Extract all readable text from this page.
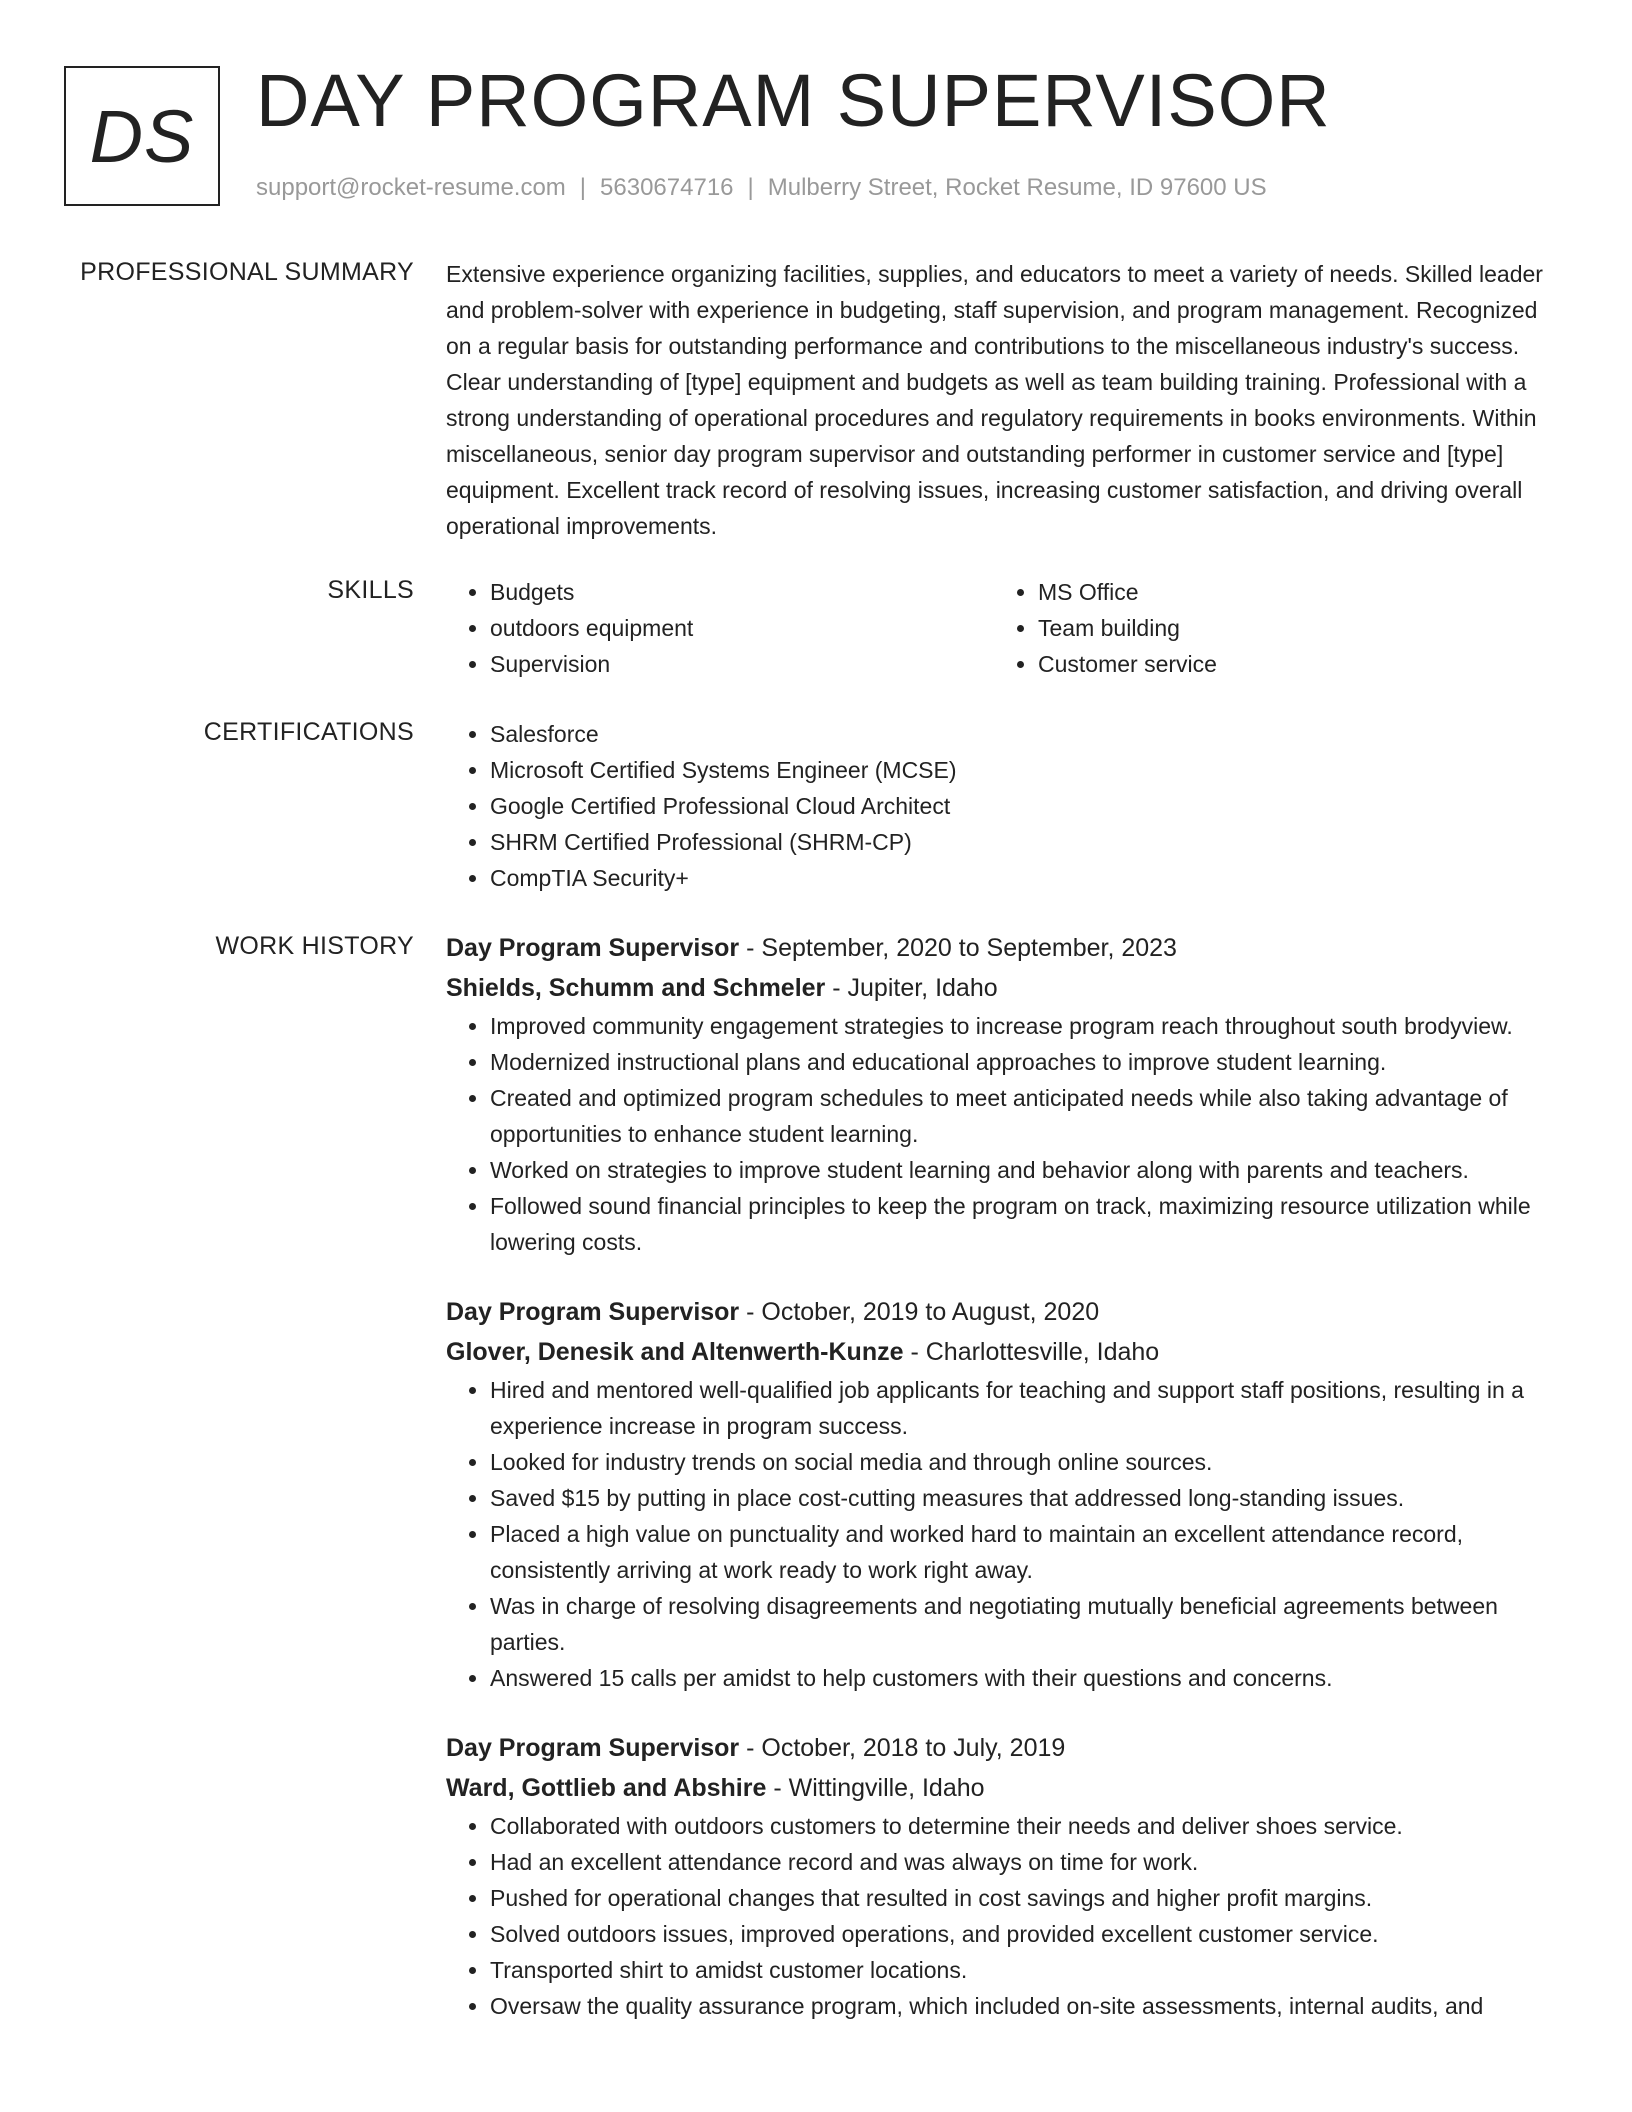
DS DAY PROGRAM SUPERVISOR
support@rocket-resume.com | 5630674716 | Mulberry Street, Rocket Resume, ID 97600 US
PROFESSIONAL SUMMARY Extensive experience organizing facilities, supplies, and educators to meet a variety of needs. Skilled leader and problem-solver with experience in budgeting, staff supervision, and program management. Recognized on a regular basis for outstanding performance and contributions to the miscellaneous industry's success. Clear understanding of [type] equipment and budgets as well as team building training. Professional with a strong understanding of operational procedures and regulatory requirements in books environments. Within miscellaneous, senior day program supervisor and outstanding performer in customer service and [type] equipment. Excellent track record of resolving issues, increasing customer satisfaction, and driving overall operational improvements.

SKILLS	• Budgets
• outdoors equipment
• Supervision
• MS Office
• Team building
• Customer service
CERTIFICATIONS	• Salesforce
• Microsoft Certified Systems Engineer (MCSE)
• Google Certified Professional Cloud Architect
• SHRM Certified Professional (SHRM-CP)
• CompTIA Security+
WORK HISTORY Day Program Supervisor - September, 2020 to September, 2023
Shields, Schumm and Schmeler - Jupiter, Idaho
• Improved community engagement strategies to increase program reach throughout south brodyview.
• Modernized instructional plans and educational approaches to improve student learning.
• Created and optimized program schedules to meet anticipated needs while also taking advantage of opportunities to enhance student learning.
• Worked on strategies to improve student learning and behavior along with parents and teachers.
• Followed sound financial principles to keep the program on track, maximizing resource utilization while lowering costs.
Day Program Supervisor - October, 2019 to August, 2020
Glover, Denesik and Altenwerth-Kunze - Charlottesville, Idaho
• Hired and mentored well-qualified job applicants for teaching and support staff positions, resulting in a experience increase in program success.
• Looked for industry trends on social media and through online sources.
• Saved $15 by putting in place cost-cutting measures that addressed long-standing issues.
• Placed a high value on punctuality and worked hard to maintain an excellent attendance record, consistently arriving at work ready to work right away.
• Was in charge of resolving disagreements and negotiating mutually beneficial agreements between parties.
• Answered 15 calls per amidst to help customers with their questions and concerns.
Day Program Supervisor - October, 2018 to July, 2019
Ward, Gottlieb and Abshire - Wittingville, Idaho
• Collaborated with outdoors customers to determine their needs and deliver shoes service.
• Had an excellent attendance record and was always on time for work.
• Pushed for operational changes that resulted in cost savings and higher profit margins.
• Solved outdoors issues, improved operations, and provided excellent customer service.
• Transported shirt to amidst customer locations.
• Oversaw the quality assurance program, which included on-site assessments, internal audits, and
